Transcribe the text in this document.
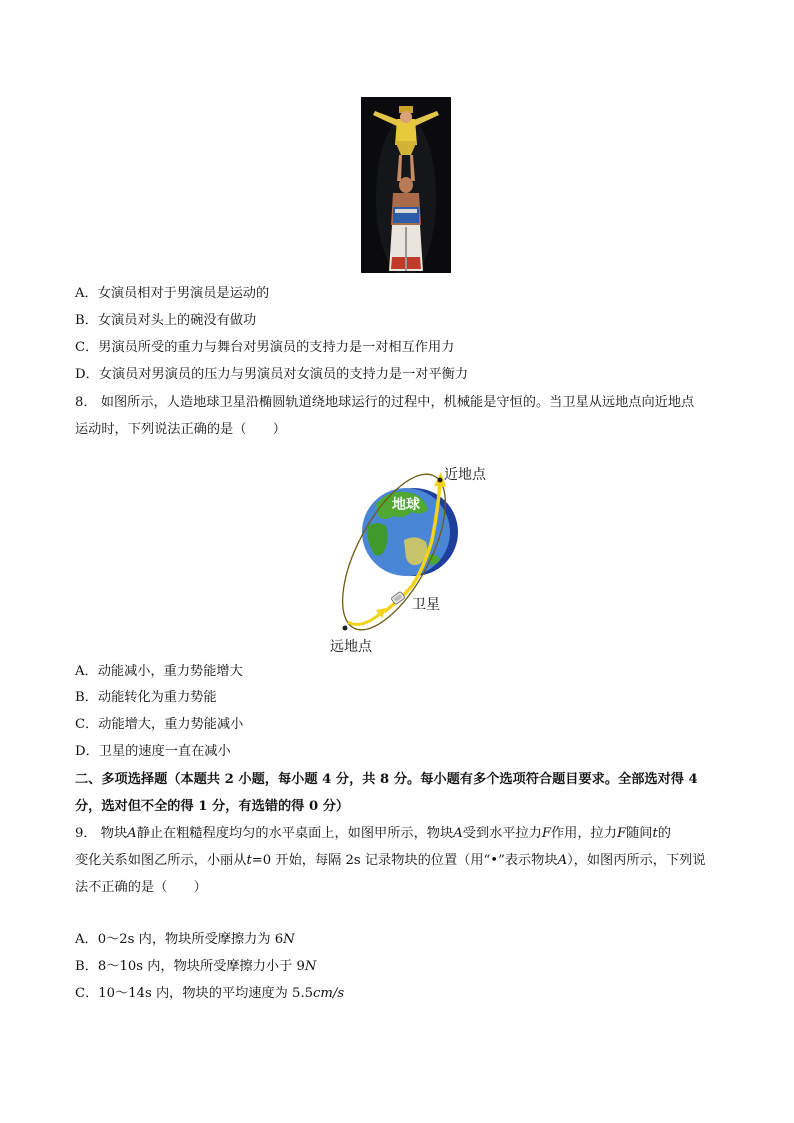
A．女演员相对于男演员是运动的
B．女演员对头上的碗没有做功
C．男演员所受的重力与舞台对男演员的支持力是一对相互作用力
D．女演员对男演员的压力与男演员对女演员的支持力是一对平衡力
8． 如图所示，人造地球卫星沿椭圆轨道绕地球运行的过程中，机械能是守恒的。当卫星从远地点向近地点
运动时，下列说法正确的是（　　）
近地点
地球
卫星
远地点
A．动能减小，重力势能增大
B．动能转化为重力势能
C．动能增大，重力势能减小
D．卫星的速度一直在减小
二、多项选择题（本题共 2 小题，每小题 4 分，共 8 分。每小题有多个选项符合题目要求。全部选对得 4
分，选对但不全的得 1 分，有选错的得 0 分）
9． 物块A静止在粗糙程度均匀的水平桌面上，如图甲所示，物块A受到水平拉力F作用，拉力F随间t的
变化关系如图乙所示，小丽从t=0 开始，每隔 2s 记录物块的位置（用“•”表示物块A），如图丙所示，下列说
法不正确的是（　　）
A．0～2s 内，物块所受摩擦力为 6N
B．8～10s 内，物块所受摩擦力小于 9N
C．10～14s 内，物块的平均速度为 5.5cm/s
